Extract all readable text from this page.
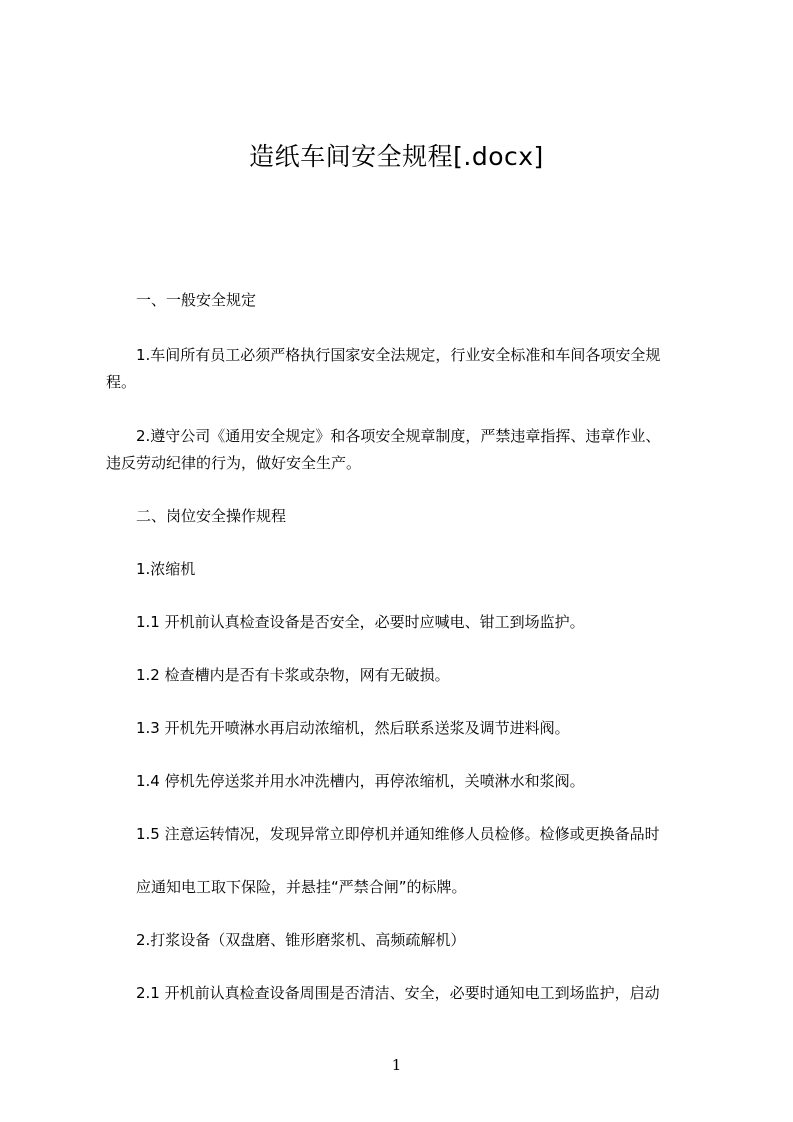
造纸车间安全规程[.docx]
一、一般安全规定
1.车间所有员工必须严格执行国家安全法规定，行业安全标准和车间各项安全规
程。
2.遵守公司《通用安全规定》和各项安全规章制度，严禁违章指挥、违章作业、
违反劳动纪律的行为，做好安全生产。
二、岗位安全操作规程
1.浓缩机
1.1 开机前认真检查设备是否安全，必要时应喊电、钳工到场监护。
1.2 检查槽内是否有卡浆或杂物，网有无破损。
1.3 开机先开喷淋水再启动浓缩机，然后联系送浆及调节进料阀。
1.4 停机先停送浆并用水冲洗槽内，再停浓缩机，关喷淋水和浆阀。
1.5 注意运转情况，发现异常立即停机并通知维修人员检修。检修或更换备品时
应通知电工取下保险，并悬挂“严禁合闸”的标牌。
2.打浆设备（双盘磨、锥形磨浆机、高频疏解机）
2.1 开机前认真检查设备周围是否清洁、安全，必要时通知电工到场监护，启动
1
